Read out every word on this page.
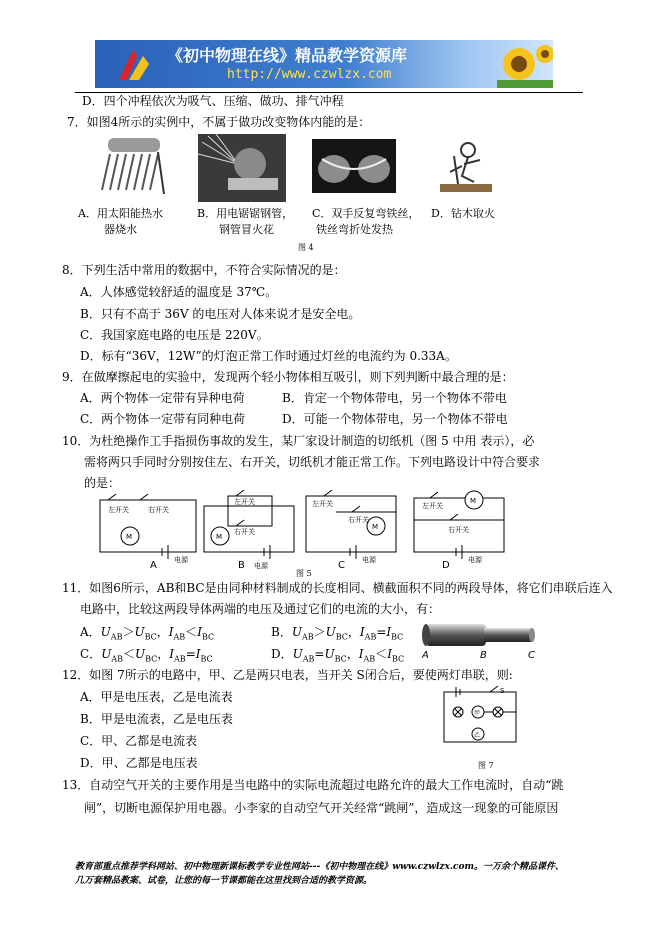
《初中物理在线》精品教学资源库
http://www.czwlzx.com
D．四个冲程依次为吸气、压缩、做功、排气冲程
7．如图4所示的实例中，不属于做功改变物体内能的是：
A．用太阳能热水
器烧水
B．用电锯锯钢管，
钢管冒火花
C．双手反复弯铁丝，
铁丝弯折处发热
D．钻木取火
图 4
8．下列生活中常用的数据中，不符合实际情况的是：
A．人体感觉较舒适的温度是 37℃。
B．只有不高于 36V 的电压对人体来说才是安全电。
C．我国家庭电路的电压是 220V。
D．标有“36V，12W”的灯泡正常工作时通过灯丝的电流约为 0.33A。
9．在做摩擦起电的实验中，发现两个轻小物体相互吸引，则下列判断中最合理的是：
A．两个物体一定带有异种电荷	B．肯定一个物体带电，另一个物体不带电
C．两个物体一定带有同种电荷	D．可能一个物体带电，另一个物体不带电
10．为杜绝操作工手指损伤事故的发生，某厂家设计制造的切纸机（图 5 中用 表示），必
需将两只手同时分别按住左、右开关，切纸机才能正常工作。下列电路设计中符合要求
的是：
左开关	右开关
M
电源
左开关
右开关
M
电源
左开关
右开关
M
电源
左开关
右开关
M
电源
A	B	C	D
图 5
11．如图6所示，AB和BC是由同种材料制成的长度相同、横截面积不同的两段导体，将它们串联后连入
电路中，比较这两段导体两端的电压及通过它们的电流的大小，有：
A．$U_{AB}>U_{BC}$，$I_{AB}<I_{BC}$	B．$U_{AB}>U_{BC}$，$I_{AB}=I_{BC}$
C．$U_{AB}<U_{BC}$，$I_{AB}=I_{BC}$	D．$U_{AB}=U_{BC}$，$I_{AB}<I_{BC}$ A	B	C
12．如图 7所示的电路中，甲、乙是两只电表，当开关 S闭合后，要使两灯串联，则:
A．甲是电压表，乙是电流表
B．甲是电流表，乙是电压表
C．甲、乙都是电流表
D．甲、乙都是电压表
S
甲
乙
图 7
13．自动空气开关的主要作用是当电路中的实际电流超过电路允许的最大工作电流时，自动“跳
闸”，切断电源保护用电器。小李家的自动空气开关经常“跳闸”，造成这一现象的可能原因
教育部重点推荐学科网站、初中物理新课标教学专业性网站---《初中物理在线》www.czwlzx.com。一万余个精品课件、
几万套精品教案、试卷，让您的每一节课都能在这里找到合适的教学资源。
